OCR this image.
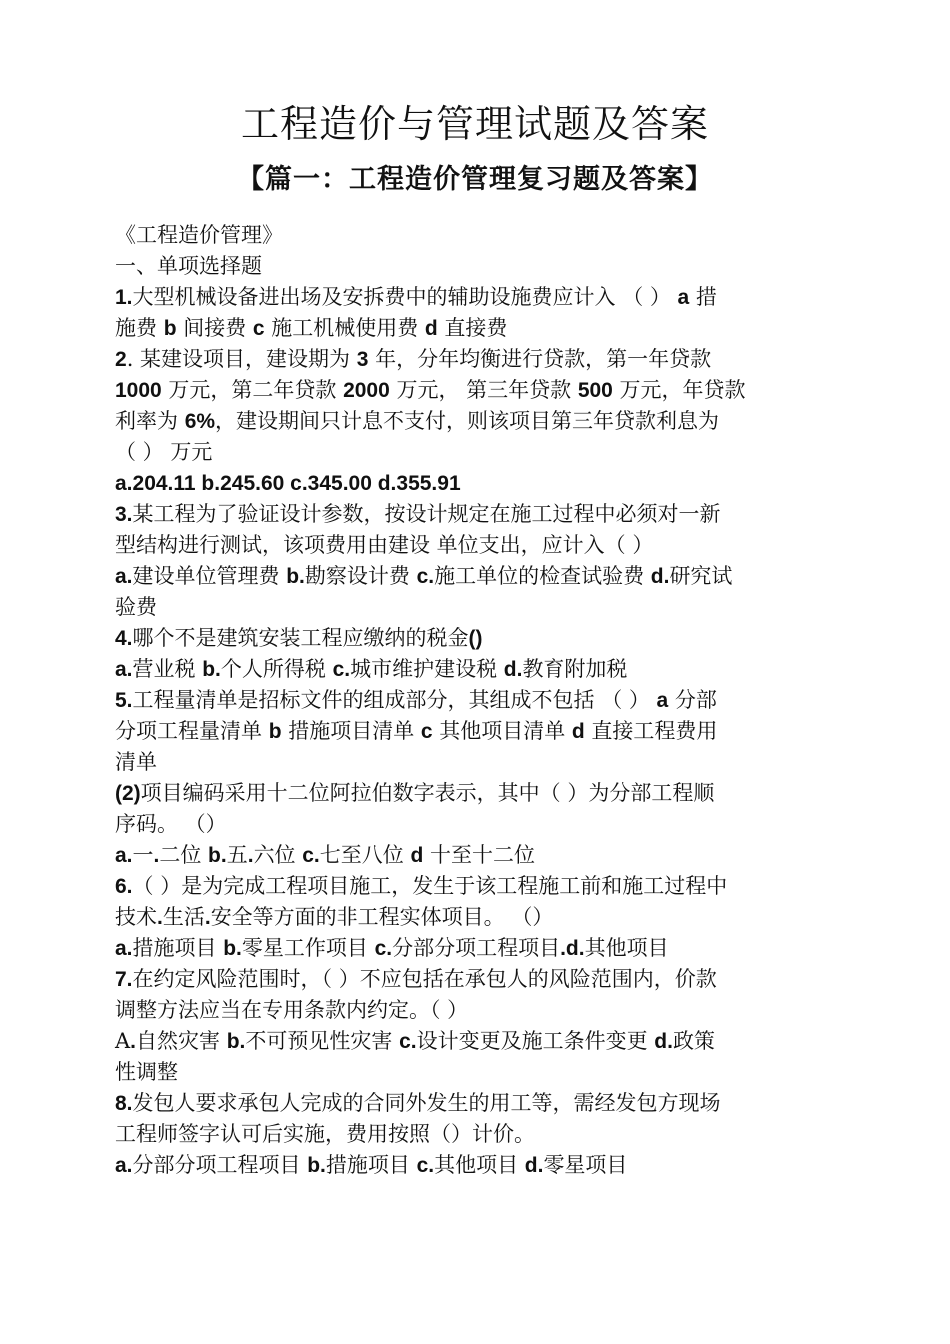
工程造价与管理试题及答案
【篇一：工程造价管理复习题及答案】
《工程造价管理》
一、单项选择题
1.大型机械设备进出场及安拆费中的辅助设施费应计入 （ ） a 措
施费 b 间接费 c 施工机械使用费 d 直接费
2. 某建设项目，建设期为 3 年，分年均衡进行贷款，第一年贷款
1000 万元，第二年贷款 2000 万元， 第三年贷款 500 万元，年贷款
利率为 6%，建设期间只计息不支付，则该项目第三年贷款利息为
（ ） 万元
a.204.11 b.245.60 c.345.00 d.355.91
3.某工程为了验证设计参数，按设计规定在施工过程中必须对一新
型结构进行测试，该项费用由建设 单位支出，应计入（ ）
a.建设单位管理费 b.勘察设计费 c.施工单位的检查试验费 d.研究试
验费
4.哪个不是建筑安装工程应缴纳的税金()
a.营业税 b.个人所得税 c.城市维护建设税 d.教育附加税
5.工程量清单是招标文件的组成部分，其组成不包括 （ ） a 分部
分项工程量清单 b 措施项目清单 c 其他项目清单 d 直接工程费用
清单
(2)项目编码采用十二位阿拉伯数字表示，其中（ ）为分部工程顺
序码。 （）
a.一.二位 b.五.六位 c.七至八位 d 十至十二位
6.（ ）是为完成工程项目施工，发生于该工程施工前和施工过程中
技术.生活.安全等方面的非工程实体项目。 （）
a.措施项目 b.零星工作项目 c.分部分项工程项目.d.其他项目
7.在约定风险范围时，（ ）不应包括在承包人的风险范围内，价款
调整方法应当在专用条款内约定。（ ）
A.自然灾害 b.不可预见性灾害 c.设计变更及施工条件变更 d.政策
性调整
8.发包人要求承包人完成的合同外发生的用工等，需经发包方现场
工程师签字认可后实施，费用按照（）计价。
a.分部分项工程项目 b.措施项目 c.其他项目 d.零星项目
